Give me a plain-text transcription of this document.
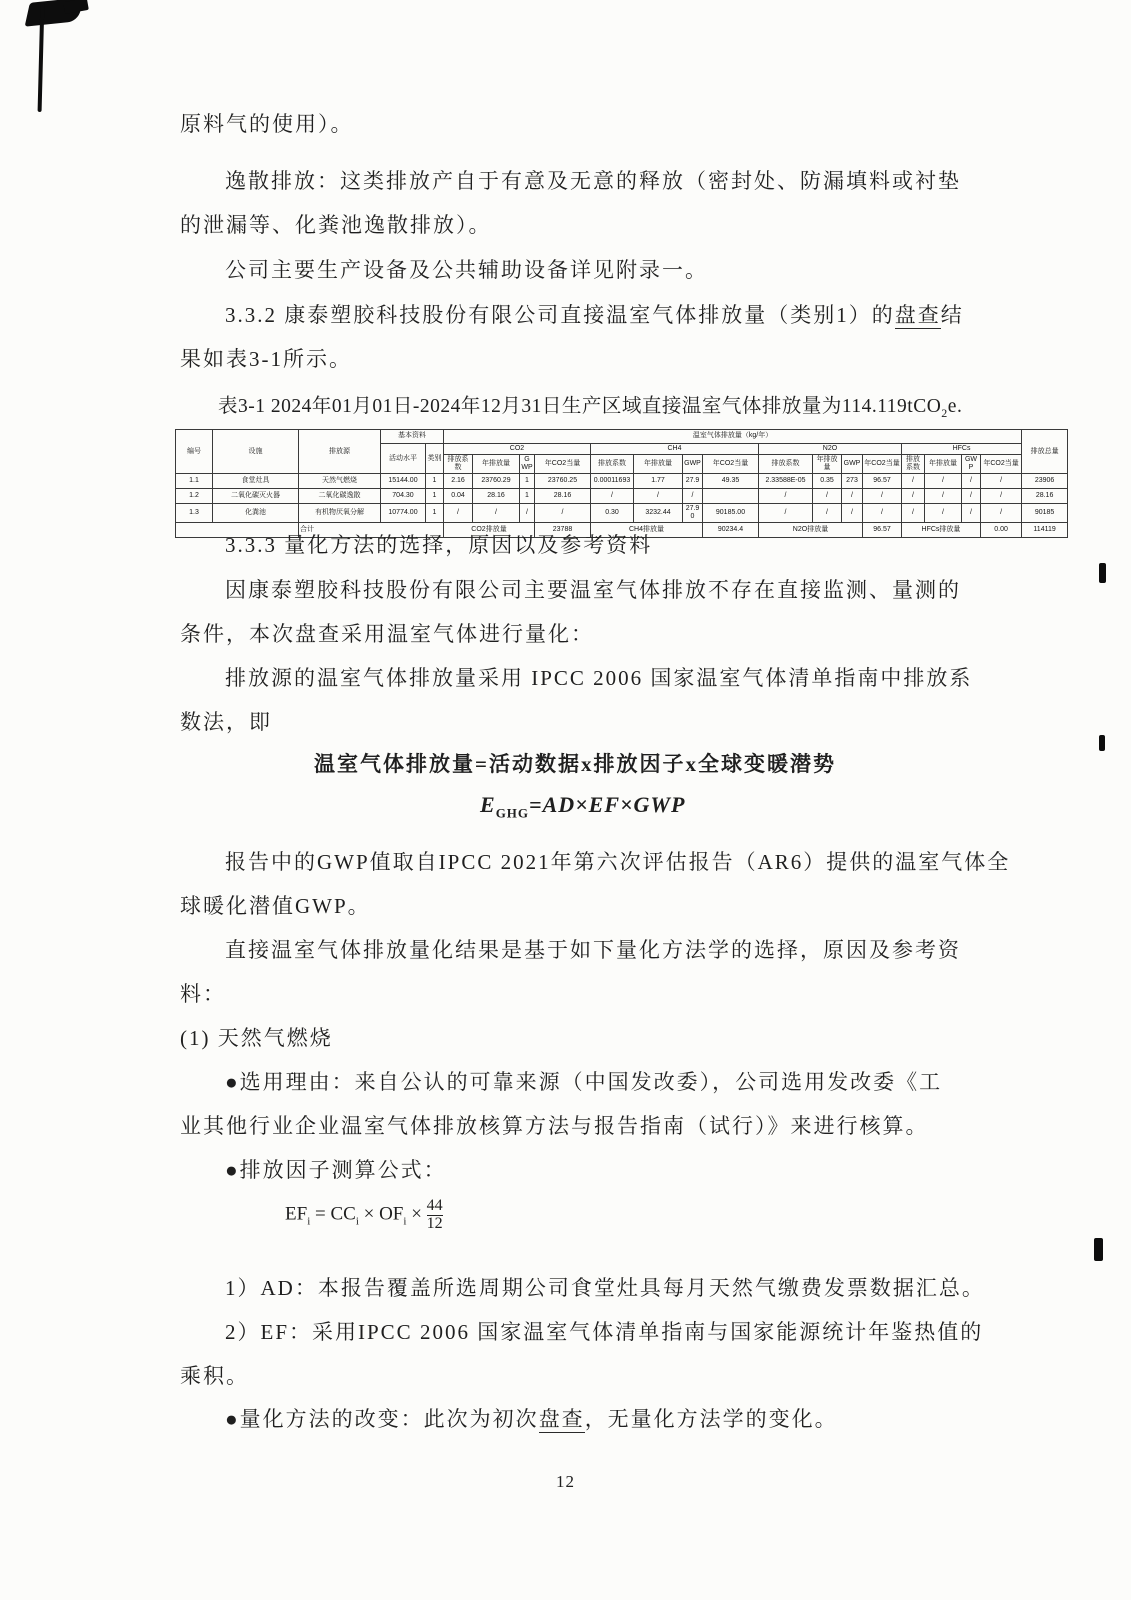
原料气的使用）。
逸散排放：这类排放产自于有意及无意的释放（密封处、防漏填料或衬垫
的泄漏等、化粪池逸散排放）。
公司主要生产设备及公共辅助设备详见附录一。
3.3.2 康泰塑胶科技股份有限公司直接温室气体排放量（类别1）的盘查结
果如表3-1所示。
表3-1 2024年01月01日-2024年12月31日生产区域直接温室气体排放量为114.119tCO$_2$e.
编号	设施	排放源	基本资料		温室气体排放量（kg/年）																排放总量
			活动水平	类别	CO2				CH4				N2O				HFCs				
					排放系数	年排放量	GWP	年CO2当量	排放系数	年排放量	GWP	年CO2当量	排放系数	年排放量	GWP	年CO2当量	排放系数	年排放量	GWP	年CO2当量	
1.1	食堂灶具	天然气燃烧	15144.00	1	2.16	23760.29	1	23760.25	0.00011693	1.77	27.9	49.35	2.33588E-05	0.35	273	96.57	/	/	/	/	23906
1.2	二氧化碳灭火器	二氧化碳逸散	704.30	1	0.04	28.16	1	28.16	/	/	/		/	/	/	/	/	/	/	/	28.16
1.3	化粪池	有机物厌氧分解	10774.00	1	/	/	/	/	0.30	3232.44	27.90	90185.00	/	/	/	/	/	/	/	/	90185
		合计			CO2排放量			23788	CH4排放量			90234.4	N2O排放量			96.57	HFCs排放量			0.00	114119
3.3.3 量化方法的选择，原因以及参考资料
因康泰塑胶科技股份有限公司主要温室气体排放不存在直接监测、量测的
条件，本次盘查采用温室气体进行量化：
排放源的温室气体排放量采用 IPCC 2006 国家温室气体清单指南中排放系
数法，即
温室气体排放量=活动数据x排放因子x全球变暖潜势
$E_{GHG}=AD\times EF\times GWP$
报告中的GWP值取自IPCC 2021年第六次评估报告（AR6）提供的温室气体全
球暖化潜值GWP。
直接温室气体排放量化结果是基于如下量化方法学的选择，原因及参考资
料：
(1) 天然气燃烧
●选用理由：来自公认的可靠来源（中国发改委），公司选用发改委《工
业其他行业企业温室气体排放核算方法与报告指南（试行）》来进行核算。
●排放因子测算公式：
$EF_i = CC_i \times OF_i \times \frac{44}{12}$
1）AD：本报告覆盖所选周期公司食堂灶具每月天然气缴费发票数据汇总。
2）EF：采用IPCC 2006 国家温室气体清单指南与国家能源统计年鉴热值的
乘积。
●量化方法的改变：此次为初次盘查，无量化方法学的变化。
12
